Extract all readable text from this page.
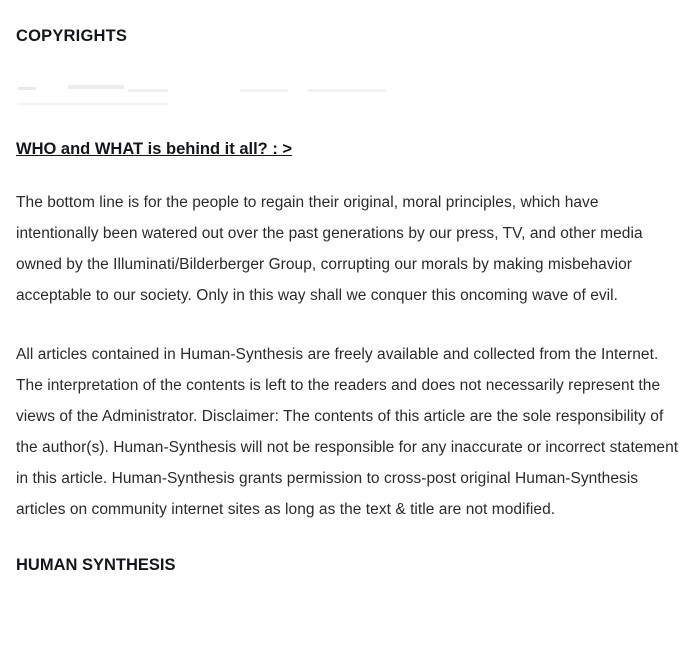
COPYRIGHTS
WHO and WHAT is behind it all? : >

The bottom line is for the people to regain their original, moral principles, which have intentionally been watered out over the past generations by our press, TV, and other media owned by the Illuminati/Bilderberger Group, corrupting our morals by making misbehavior acceptable to our society. Only in this way shall we conquer this oncoming wave of evil.

All articles contained in Human-Synthesis are freely available and collected from the Internet. The interpretation of the contents is left to the readers and does not necessarily represent the views of the Administrator. Disclaimer: The contents of this article are the sole responsibility of the author(s). Human-Synthesis will not be responsible for any inaccurate or incorrect statement in this article. Human-Synthesis grants permission to cross-post original Human-Synthesis articles on community internet sites as long as the text & title are not modified.

HUMAN SYNTHESIS
